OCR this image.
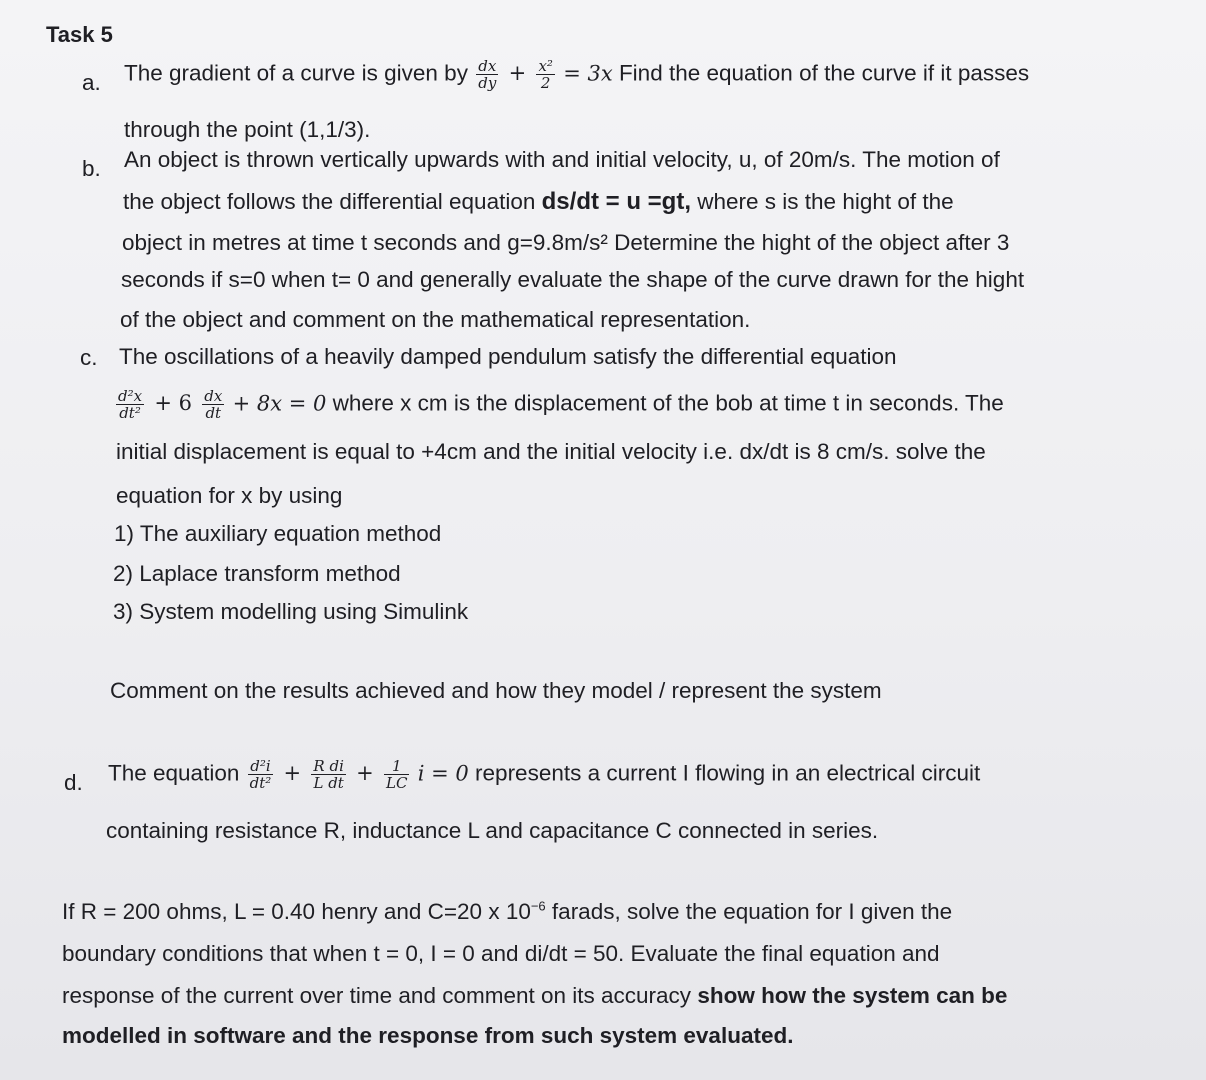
Task 5
a. The gradient of a curve is given by $\frac{dx}{dy} + \frac{\text{x²}}{2} = 3x$ Find the equation of the curve if it passes
through the point (1,1/3).
b. An object is thrown vertically upwards with and initial velocity, u, of 20m/s. The motion of
the object follows the differential equation ds/dt = u =gt, where s is the hight of the
object in metres at time t seconds and g=9.8m/s² Determine the hight of the object after 3
seconds if s=0 when t= 0 and generally evaluate the shape of the curve drawn for the hight
of the object and comment on the mathematical representation.
c. The oscillations of a heavily damped pendulum satisfy the differential equation
$\frac{\text{d²x}}{\text{dt²}} + 6 \frac{dx}{dt} + 8x = 0$ where x cm is the displacement of the bob at time t in seconds. The
initial displacement is equal to +4cm and the initial velocity i.e. dx/dt is 8 cm/s. solve the
equation for x by using
1) The auxiliary equation method
2) Laplace transform method
3) System modelling using Simulink
Comment on the results achieved and how they model / represent the system
d. The equation $\frac{\text{d²i}}{\text{dt²}} + \frac{\text{R di}}{\text{L dt}} + \frac{1}{LC}$ i = 0 represents a current I flowing in an electrical circuit
containing resistance R, inductance L and capacitance C connected in series.
If R = 200 ohms, L = 0.40 henry and C=20 x $10^{-6}$ farads, solve the equation for I given the
boundary conditions that when t = 0, I = 0 and di/dt = 50. Evaluate the final equation and
response of the current over time and comment on its accuracy show how the system can be
modelled in software and the response from such system evaluated.
